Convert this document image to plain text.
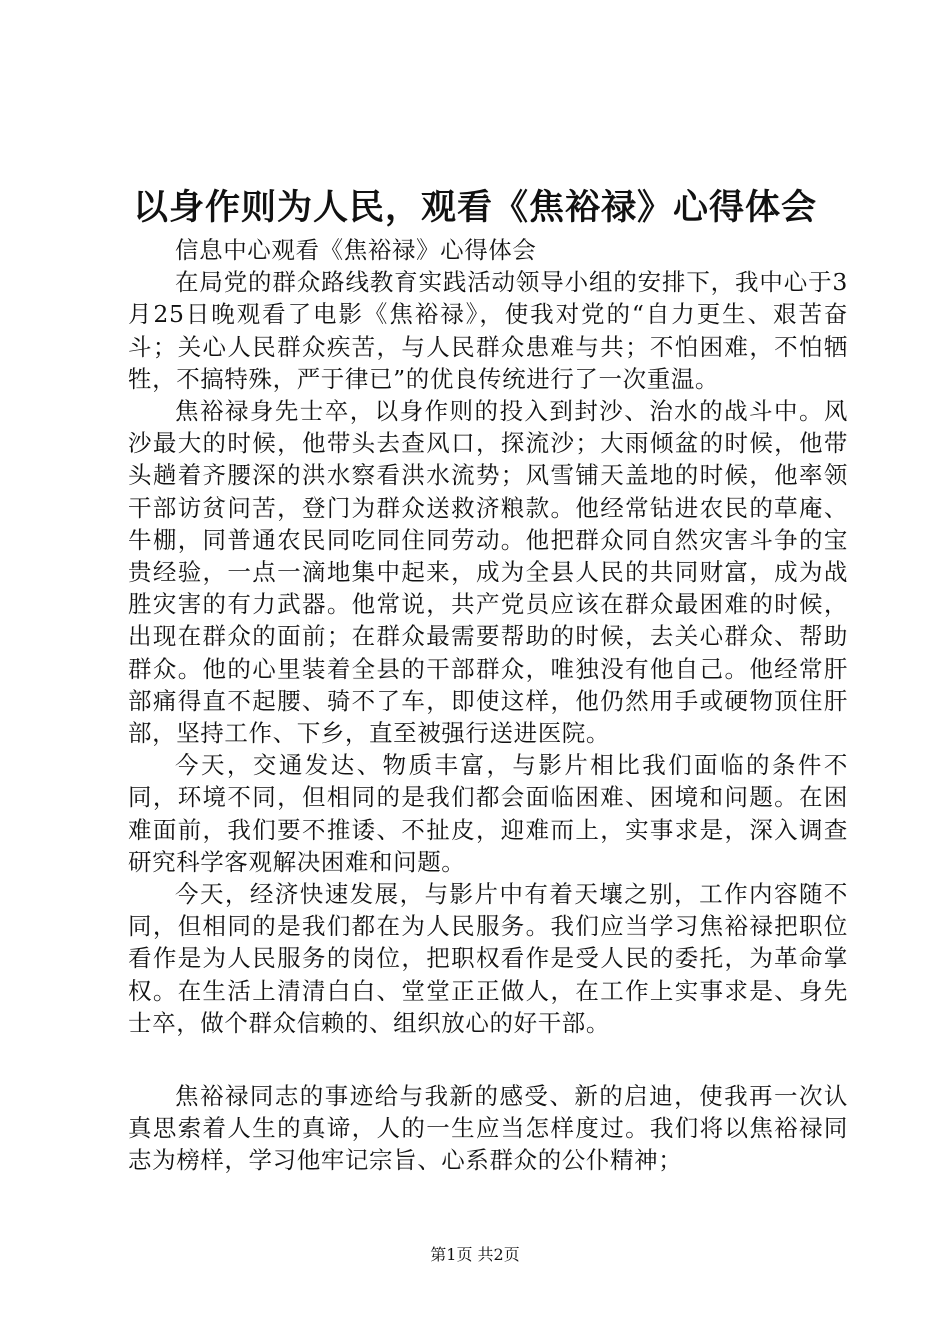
以身作则为人民，观看《焦裕禄》心得体会

信息中心观看《焦裕禄》心得体会

在局党的群众路线教育实践活动领导小组的安排下，我中心于3月25日晚观看了电影《焦裕禄》，使我对党的“自力更生、艰苦奋斗；关心人民群众疾苦，与人民群众患难与共；不怕困难，不怕牺牲，不搞特殊，严于律已”的优良传统进行了一次重温。

焦裕禄身先士卒，以身作则的投入到封沙、治水的战斗中。风沙最大的时候，他带头去查风口，探流沙；大雨倾盆的时候，他带头趟着齐腰深的洪水察看洪水流势；风雪铺天盖地的时候，他率领干部访贫问苦，登门为群众送救济粮款。他经常钻进农民的草庵、牛棚，同普通农民同吃同住同劳动。他把群众同自然灾害斗争的宝贵经验，一点一滴地集中起来，成为全县人民的共同财富，成为战胜灾害的有力武器。他常说，共产党员应该在群众最困难的时候，出现在群众的面前；在群众最需要帮助的时候，去关心群众、帮助群众。他的心里装着全县的干部群众，唯独没有他自己。他经常肝部痛得直不起腰、骑不了车，即使这样，他仍然用手或硬物顶住肝部，坚持工作、下乡，直至被强行送进医院。

今天，交通发达、物质丰富，与影片相比我们面临的条件不同，环境不同，但相同的是我们都会面临困难、困境和问题。在困难面前，我们要不推诿、不扯皮，迎难而上，实事求是，深入调查研究科学客观解决困难和问题。

今天，经济快速发展，与影片中有着天壤之别，工作内容随不同，但相同的是我们都在为人民服务。我们应当学习焦裕禄把职位看作是为人民服务的岗位，把职权看作是受人民的委托，为革命掌权。在生活上清清白白、堂堂正正做人，在工作上实事求是、身先士卒，做个群众信赖的、组织放心的好干部。

焦裕禄同志的事迹给与我新的感受、新的启迪，使我再一次认真思索着人生的真谛，人的一生应当怎样度过。我们将以焦裕禄同志为榜样，学习他牢记宗旨、心系群众的公仆精神；

第1页 共2页
